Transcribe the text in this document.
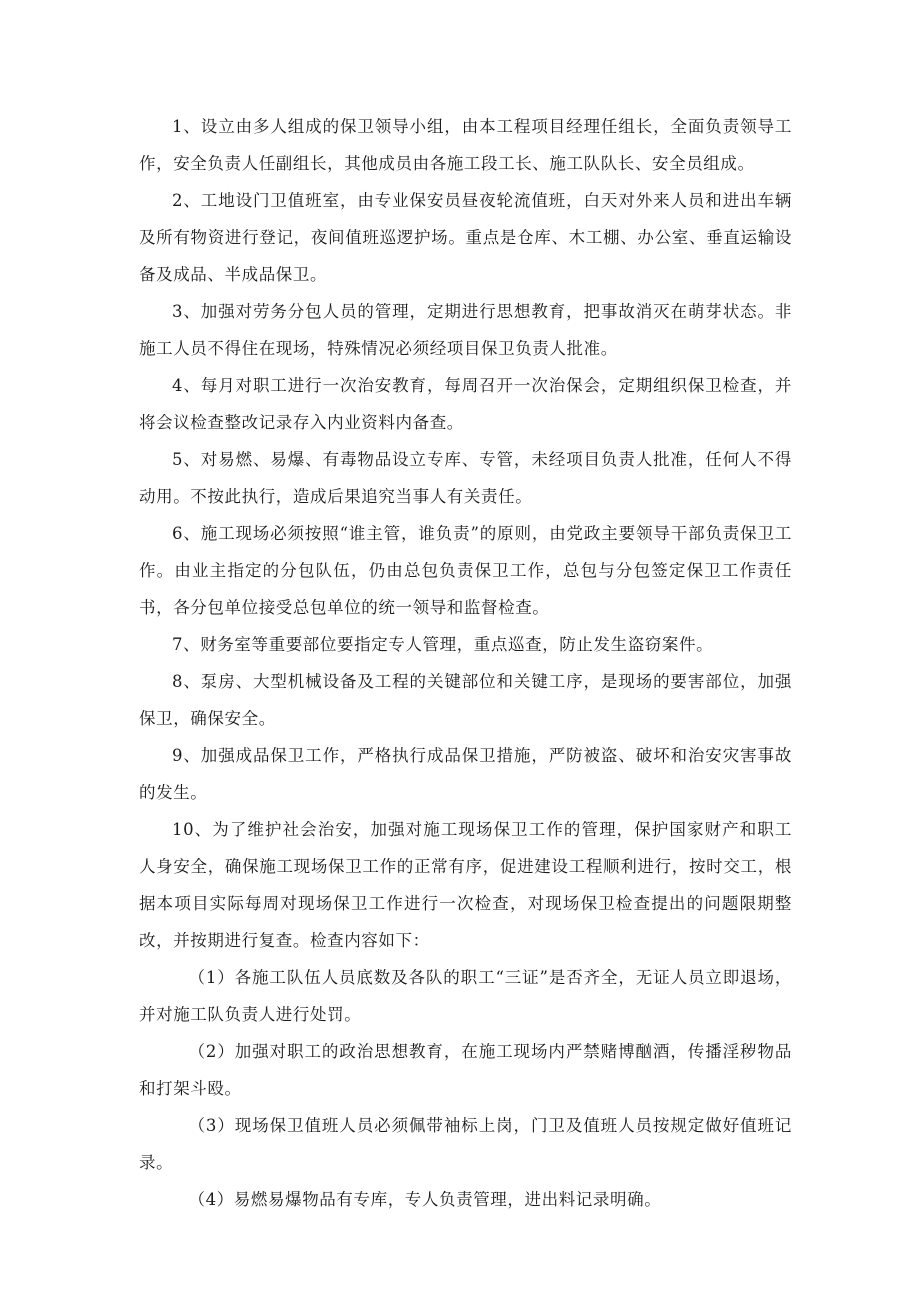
1、设立由多人组成的保卫领导小组，由本工程项目经理任组长，全面负责领导工作，安全负责人任副组长，其他成员由各施工段工长、施工队队长、安全员组成。

2、工地设门卫值班室，由专业保安员昼夜轮流值班，白天对外来人员和进出车辆及所有物资进行登记，夜间值班巡逻护场。重点是仓库、木工棚、办公室、垂直运输设备及成品、半成品保卫。

3、加强对劳务分包人员的管理，定期进行思想教育，把事故消灭在萌芽状态。非施工人员不得住在现场，特殊情况必须经项目保卫负责人批准。

4、每月对职工进行一次治安教育，每周召开一次治保会，定期组织保卫检查，并将会议检查整改记录存入内业资料内备查。

5、对易燃、易爆、有毒物品设立专库、专管，未经项目负责人批准，任何人不得动用。不按此执行，造成后果追究当事人有关责任。

6、施工现场必须按照“谁主管，谁负责”的原则，由党政主要领导干部负责保卫工作。由业主指定的分包队伍，仍由总包负责保卫工作，总包与分包签定保卫工作责任书，各分包单位接受总包单位的统一领导和监督检查。

7、财务室等重要部位要指定专人管理，重点巡查，防止发生盗窃案件。

8、泵房、大型机械设备及工程的关键部位和关键工序，是现场的要害部位，加强保卫，确保安全。

9、加强成品保卫工作，严格执行成品保卫措施，严防被盗、破坏和治安灾害事故的发生。

10、为了维护社会治安，加强对施工现场保卫工作的管理，保护国家财产和职工人身安全，确保施工现场保卫工作的正常有序，促进建设工程顺利进行，按时交工，根据本项目实际每周对现场保卫工作进行一次检查，对现场保卫检查提出的问题限期整改，并按期进行复查。检查内容如下：

（1）各施工队伍人员底数及各队的职工“三证”是否齐全，无证人员立即退场，并对施工队负责人进行处罚。

（2）加强对职工的政治思想教育，在施工现场内严禁赌博酗酒，传播淫秽物品和打架斗殴。

（3）现场保卫值班人员必须佩带袖标上岗，门卫及值班人员按规定做好值班记录。

（4）易燃易爆物品有专库，专人负责管理，进出料记录明确。
